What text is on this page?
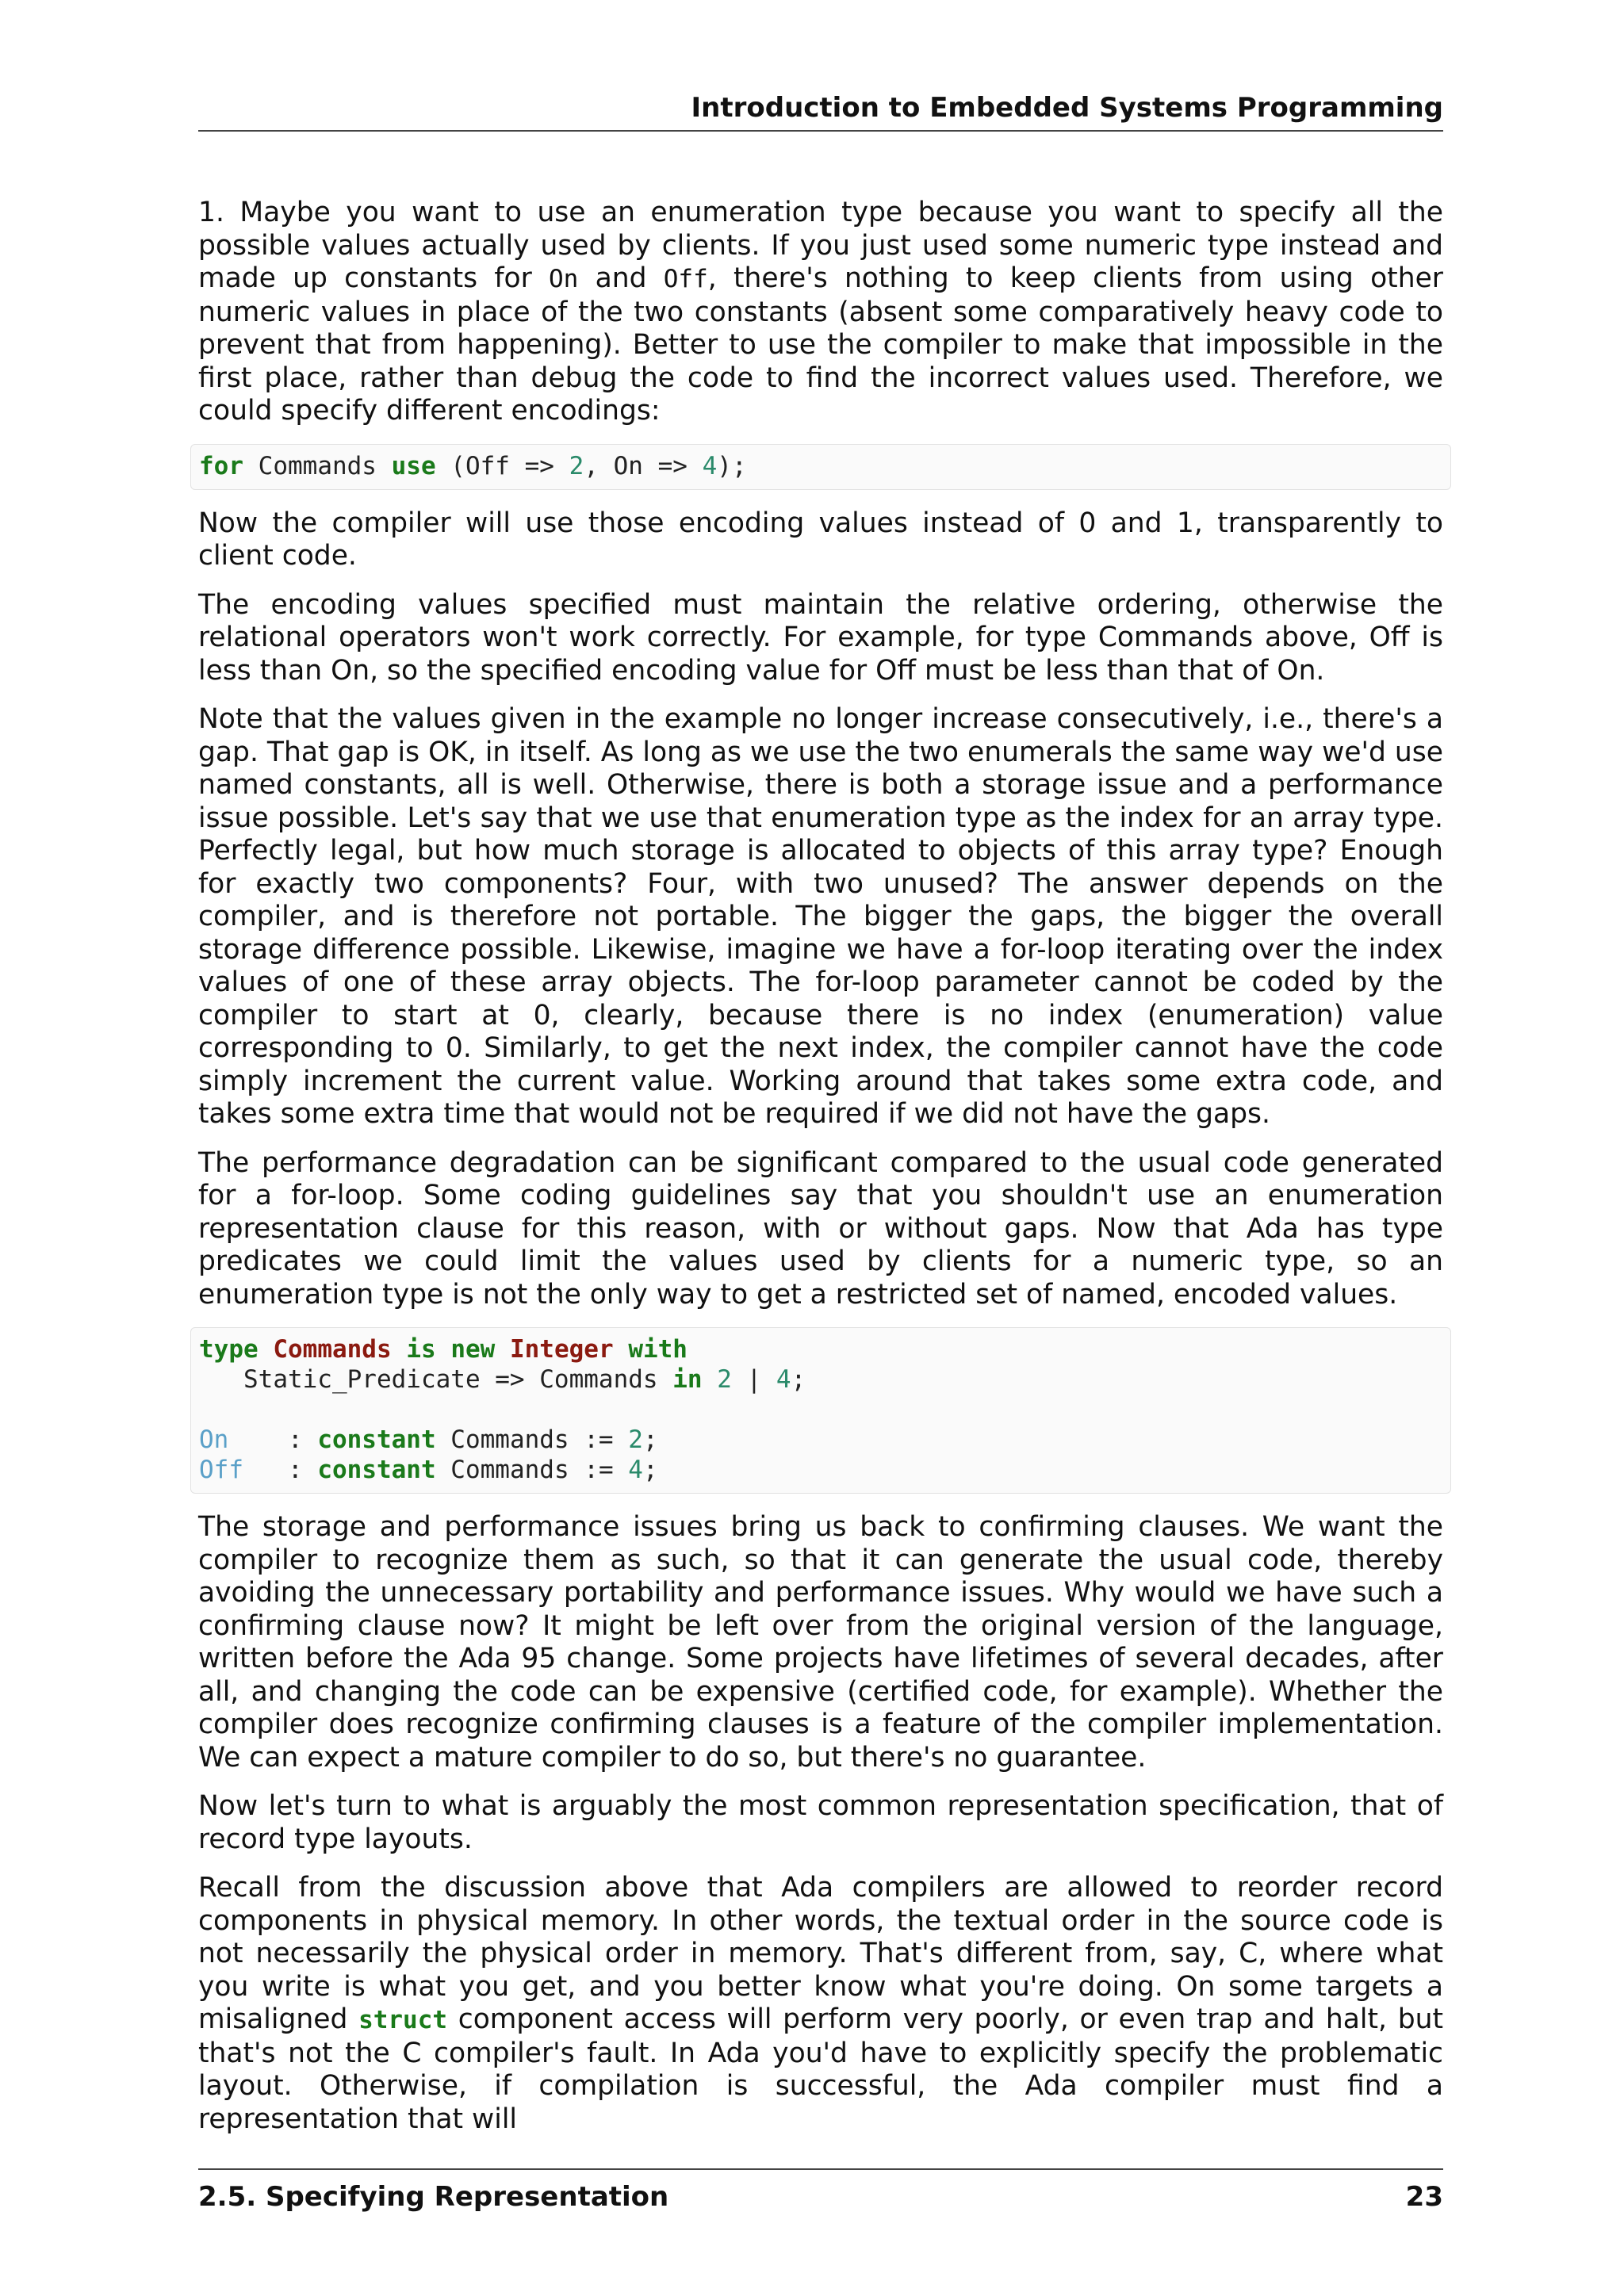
Introduction to Embedded Systems Programming

1. Maybe you want to use an enumeration type because you want to specify all the possible values actually used by clients. If you just used some numeric type instead and made up constants for On and Off, there's nothing to keep clients from using other numeric values in place of the two constants (absent some comparatively heavy code to prevent that from happening). Better to use the compiler to make that impossible in the first place, rather than debug the code to find the incorrect values used. Therefore, we could specify different encodings:

for Commands use (Off => 2, On => 4);

Now the compiler will use those encoding values instead of 0 and 1, transparently to client code.

The encoding values specified must maintain the relative ordering, otherwise the relational operators won't work correctly. For example, for type Commands above, Off is less than On, so the specified encoding value for Off must be less than that of On.

Note that the values given in the example no longer increase consecutively, i.e., there's a gap. That gap is OK, in itself. As long as we use the two enumerals the same way we'd use named constants, all is well. Otherwise, there is both a storage issue and a performance issue possible. Let's say that we use that enumeration type as the index for an array type. Perfectly legal, but how much storage is allocated to objects of this array type? Enough for exactly two components? Four, with two unused? The answer depends on the compiler, and is therefore not portable. The bigger the gaps, the bigger the overall storage difference possible. Likewise, imagine we have a for-loop iterating over the index values of one of these array objects. The for-loop parameter cannot be coded by the compiler to start at 0, clearly, because there is no index (enumeration) value corresponding to 0. Similarly, to get the next index, the compiler cannot have the code simply increment the current value. Working around that takes some extra code, and takes some extra time that would not be required if we did not have the gaps.

The performance degradation can be significant compared to the usual code generated for a for-loop. Some coding guidelines say that you shouldn't use an enumeration representation clause for this reason, with or without gaps. Now that Ada has type predicates we could limit the values used by clients for a numeric type, so an enumeration type is not the only way to get a restricted set of named, encoded values.

type Commands is new Integer with
Static_Predicate => Commands in 2 | 4;

On    : constant Commands := 2;
Off   : constant Commands := 4;

The storage and performance issues bring us back to confirming clauses. We want the compiler to recognize them as such, so that it can generate the usual code, thereby avoiding the unnecessary portability and performance issues. Why would we have such a confirming clause now? It might be left over from the original version of the language, written before the Ada 95 change. Some projects have lifetimes of several decades, after all, and changing the code can be expensive (certified code, for example). Whether the compiler does recognize confirming clauses is a feature of the compiler implementation. We can expect a mature compiler to do so, but there's no guarantee.

Now let's turn to what is arguably the most common representation specification, that of record type layouts.

Recall from the discussion above that Ada compilers are allowed to reorder record components in physical memory. In other words, the textual order in the source code is not necessarily the physical order in memory. That's different from, say, C, where what you write is what you get, and you better know what you're doing. On some targets a misaligned struct component access will perform very poorly, or even trap and halt, but that's not the C compiler's fault. In Ada you'd have to explicitly specify the problematic layout. Otherwise, if compilation is successful, the Ada compiler must find a representation that will

2.5. Specifying Representation	23
